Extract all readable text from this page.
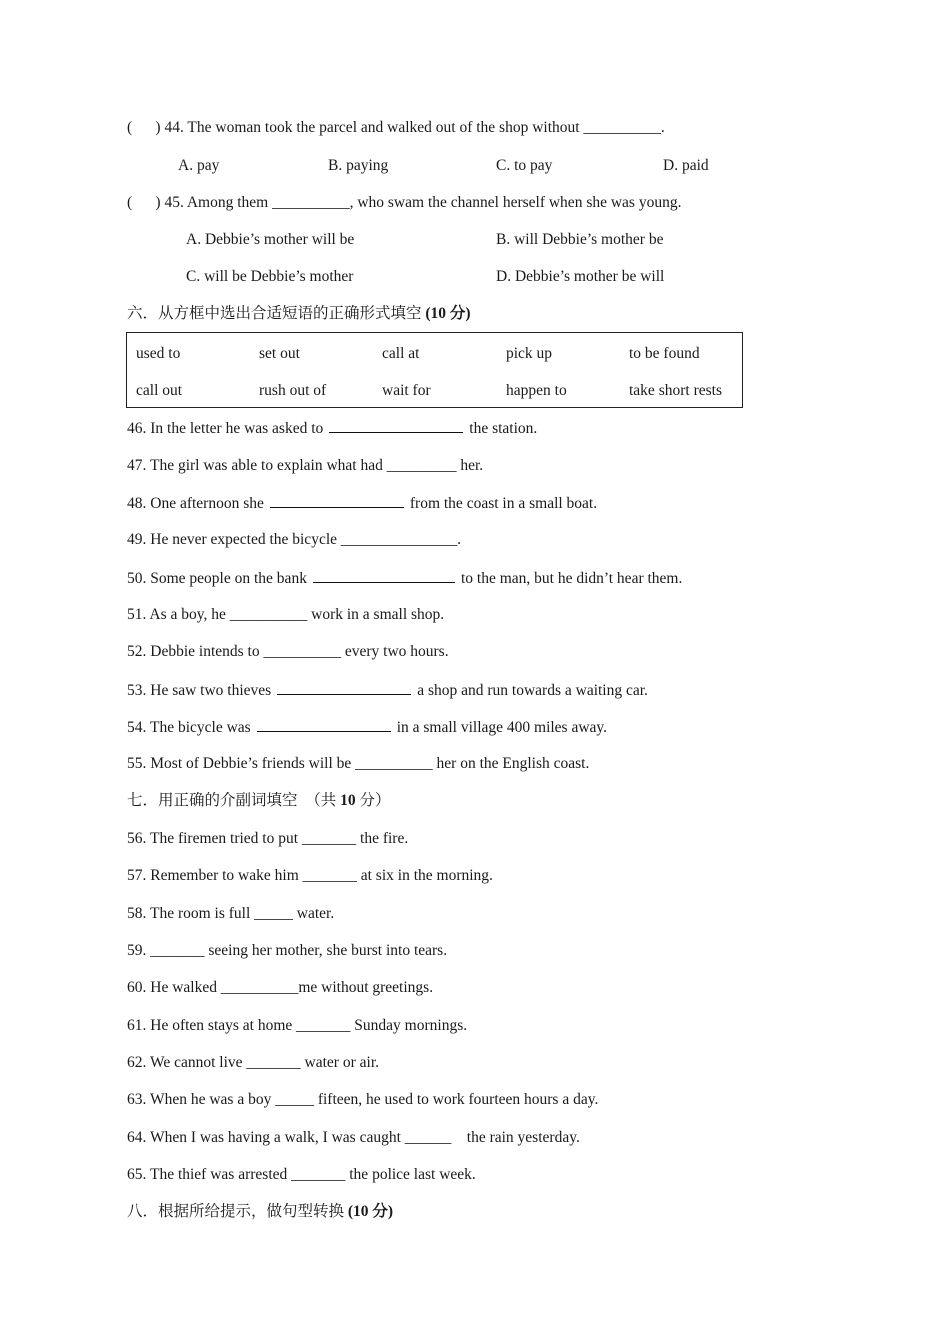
(      ) 44. The woman took the parcel and walked out of the shop without __________.
A. pay	B. paying	C. to pay	D. paid
(      ) 45. Among them __________, who swam the channel herself when she was young.
A. Debbie’s mother will be	B. will Debbie’s mother be
C. will be Debbie’s mother	D. Debbie’s mother be will
六．从方框中选出合适短语的正确形式填空 (10 分)
used to	set out	call at	pick up	to be found
call out	rush out of	wait for	happen to	take short rests
46. In the letter he was asked to	the station.
47. The girl was able to explain what had _________ her.
48. One afternoon she	from the coast in a small boat.
49. He never expected the bicycle _______________.
50. Some people on the bank	to the man, but he didn’t hear them.
51. As a boy, he __________ work in a small shop.
52. Debbie intends to __________ every two hours.
53. He saw two thieves	a shop and run towards a waiting car.
54. The bicycle was	in a small village 400 miles away.
55. Most of Debbie’s friends will be __________ her on the English coast.
七．用正确的介副词填空  （共 10 分）
56. The firemen tried to put _______ the fire.
57. Remember to wake him _______ at six in the morning.
58. The room is full _____ water.
59. _______ seeing her mother, she burst into tears.
60. He walked __________me without greetings.
61. He often stays at home _______ Sunday mornings.
62. We cannot live _______ water or air.
63. When he was a boy _____ fifteen, he used to work fourteen hours a day.
64. When I was having a walk, I was caught ______    the rain yesterday.
65. The thief was arrested _______ the police last week.
八．根据所给提示，做句型转换 (10 分)
